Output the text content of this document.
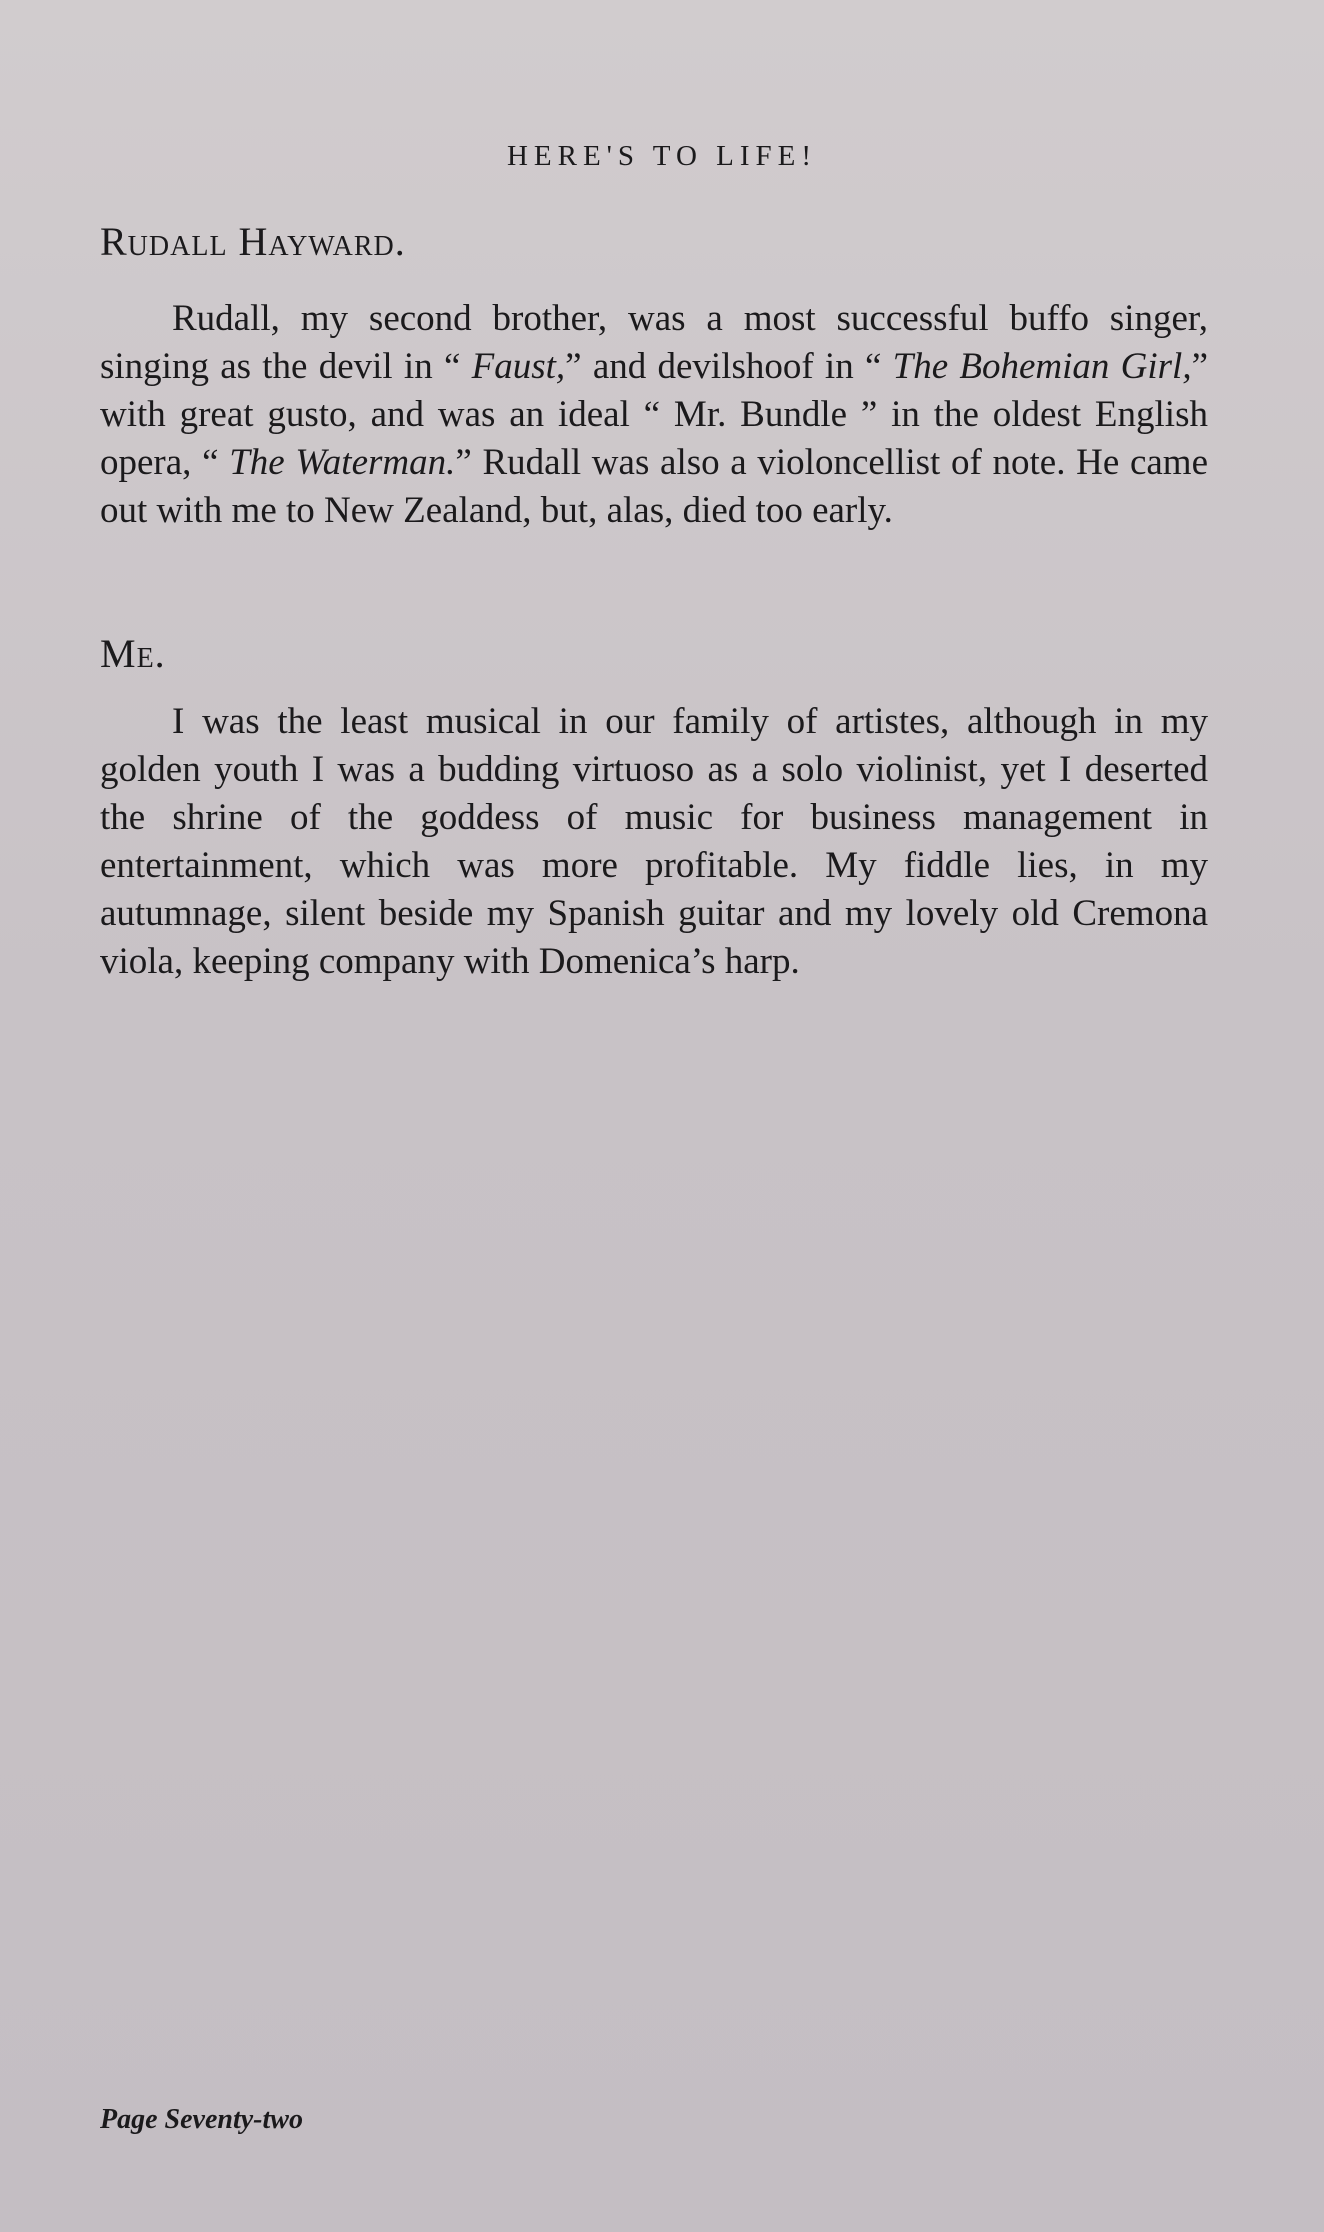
HERE'S TO LIFE!
Rudall Hayward.

Rudall, my second brother, was a most successful buffo singer, singing as the devil in “ Faust,” and devilshoof in “ The Bohemian Girl,” with great gusto, and was an ideal “ Mr. Bundle ” in the oldest English opera, “ The Waterman.” Rudall was also a violoncellist of note. He came out with me to New Zealand, but, alas, died too early.

Me.

I was the least musical in our family of artistes, although in my golden youth I was a budding virtuoso as a solo violinist, yet I deserted the shrine of the goddess of music for business management in entertainment, which was more profitable. My fiddle lies, in my autumnage, silent beside my Spanish guitar and my lovely old Cremona viola, keeping company with Domenica’s harp.

Page Seventy-two
